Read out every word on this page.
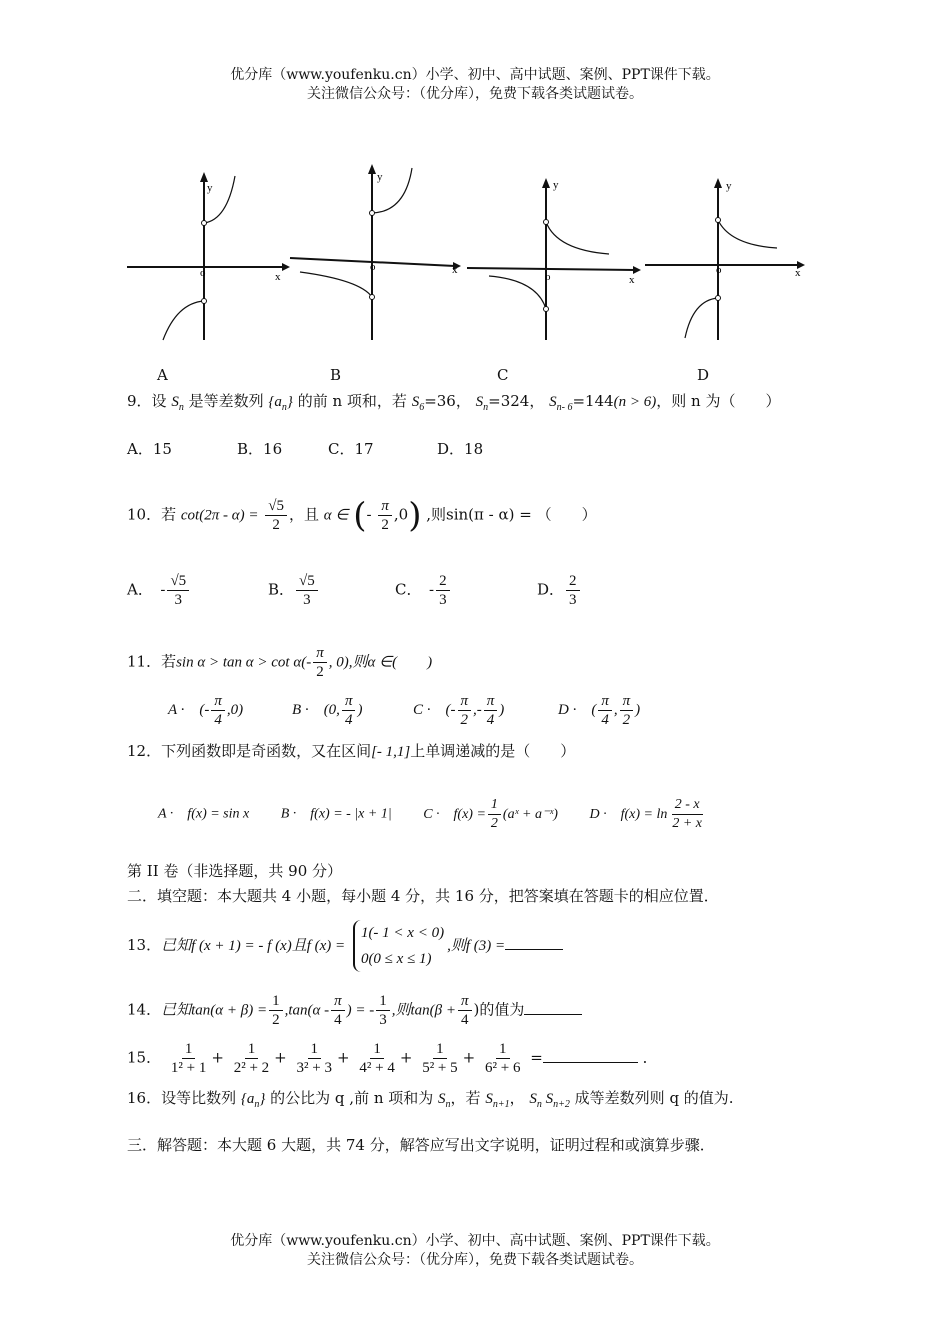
优分库（www.youfenku.cn）小学、初中、高中试题、案例、PPT课件下载。
关注微信公众号：（优分库），免费下载各类试题试卷。
y
x
o
y
x
o
y
x
o
y
x
o
A	B	C	D
9．设 $S_n$ 是等差数列 $\{a_n\}$ 的前 n 项和，若 $S_6=36$， $S_n=324$， $S_{n- 6}=144(n > 6)$，则 n 为（　　）
A．15	B．16	C．17	D．18
10．若 $\cot(2\pi - \alpha) = \frac{√5}{2}$ ，且 α ∈ (- $\frac{\pi}{2} ,0$) ,则sin(π - α) = （　　）
A．　 - $\frac{√5}{3}$	B． $\frac{√5}{3}$	C．　 - $\frac{2}{3}$	D． $\frac{2}{3}$
11．若$\sin \alpha > \tan \alpha > \cot \alpha(- \frac{\pi}{2}$ , 0),则α ∈(　　)
A ·　(- $\frac{\pi}{4} ,0$)	B ·　 (0, $\frac{\pi}{4}$ )	C ·　(- $\frac{\pi}{2}$ ,- $\frac{\pi}{4}$ )	D ·　( $\frac{\pi}{4}$ , $\frac{\pi}{2}$ )
12．下列函数即是奇函数，又在区间[- 1,1]上单调递减的是（　　）
A ·　f(x) = sin x　　 B ·　f(x) = - |x + 1|　　 C ·　$f(x) = \frac{1}{2}$ (aˣ + a⁻ˣ)　　 D ·　$f(x) = \ln \frac{2 - x}{2 + x}$
第 II 卷（非选择题，共 90 分）
二．填空题：本大题共 4 小题，每小题 4 分，共 16 分，把答案填在答题卡的相应位置．
13．已知f (x + 1) = - f (x)且f (x) = 1(- 1 < x < 0)
0(0 ≤ x ≤ 1),则f (3) =
14．已知$\tan(\alpha + \beta) = \frac{1}{2} ,\tan(\alpha - \frac{\pi}{4}$ ) = - $\frac{1}{3}$ ,则$\tan(\beta + \frac{\pi}{4}$ )的值为
15． $\frac{1}{\text{1² + 1}} + \frac{1}{\text{2² + 2}} + \frac{1}{\text{3² + 3}} + \frac{1}{\text{4² + 4}} + \frac{1}{\text{5² + 5}} + \frac{1}{\text{6² + 6}}$ =	．
16．设等比数列 $\{a_n\}$ 的公比为 q ,前 n 项和为 $S_n$，若 $S_{n+1}$， $S_n$ $S_{n+2}$ 成等差数列则 q 的值为.
三．解答题：本大题 6 大题，共 74 分，解答应写出文字说明，证明过程和或演算步骤．
优分库（www.youfenku.cn）小学、初中、高中试题、案例、PPT课件下载。
关注微信公众号：（优分库），免费下载各类试题试卷。
